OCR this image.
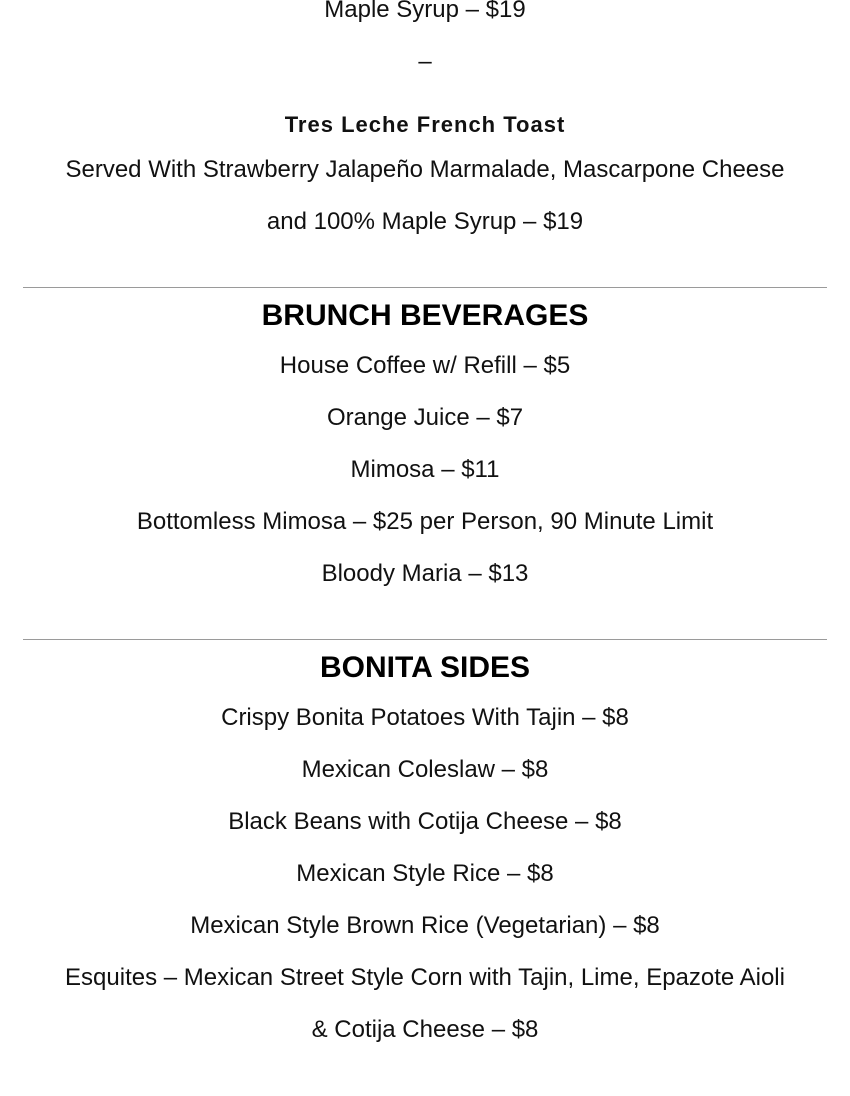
Maple Syrup – $19

–

Tres Leche French Toast

Served With Strawberry Jalapeño Marmalade, Mascarpone Cheese

and 100% Maple Syrup – $19

BRUNCH BEVERAGES

House Coffee w/ Refill – $5

Orange Juice – $7

Mimosa – $11

Bottomless Mimosa – $25 per Person, 90 Minute Limit

Bloody Maria – $13

BONITA SIDES

Crispy Bonita Potatoes With Tajin – $8

Mexican Coleslaw – $8

Black Beans with Cotija Cheese – $8

Mexican Style Rice – $8

Mexican Style Brown Rice (Vegetarian) – $8

Esquites – Mexican Street Style Corn with Tajin, Lime, Epazote Aioli

& Cotija Cheese – $8
